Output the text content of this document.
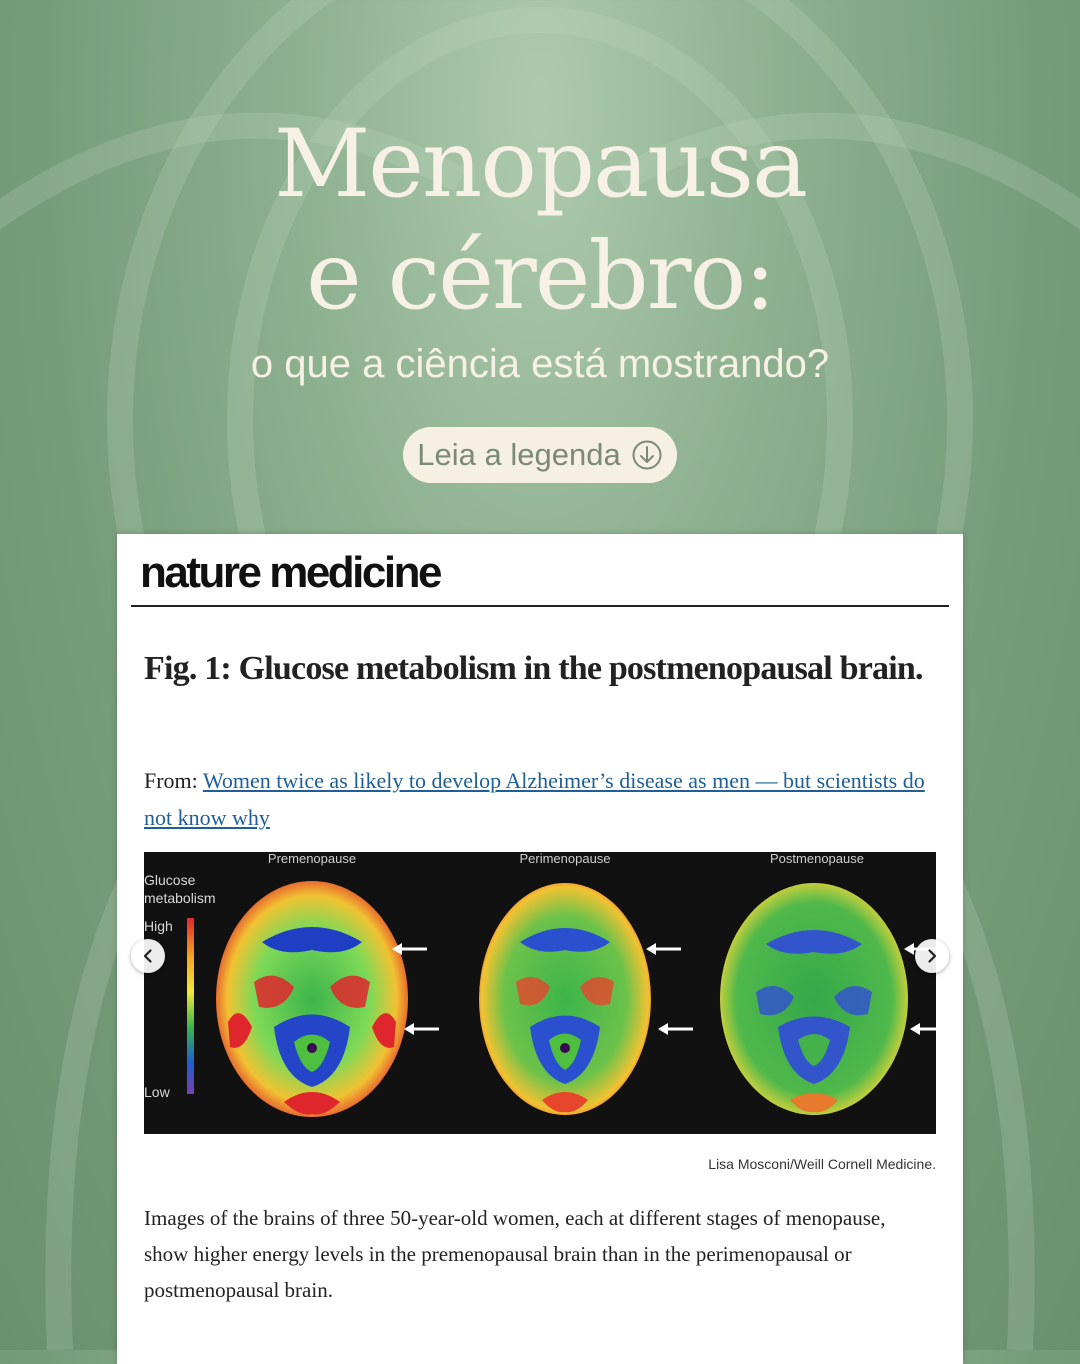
Menopausa
e cérebro:
o que a ciência está mostrando?
Leia a legenda
nature medicine
Fig. 1: Glucose metabolism in the postmenopausal brain.
From: Women twice as likely to develop Alzheimer’s disease as men — but scientists do not know why
Premenopause	Perimenopause	Postmenopause
Glucose
metabolism
High
Low
Lisa Mosconi/Weill Cornell Medicine.

Images of the brains of three 50-year-old women, each at different stages of menopause, show higher energy levels in the premenopausal brain than in the perimenopausal or postmenopausal brain.
